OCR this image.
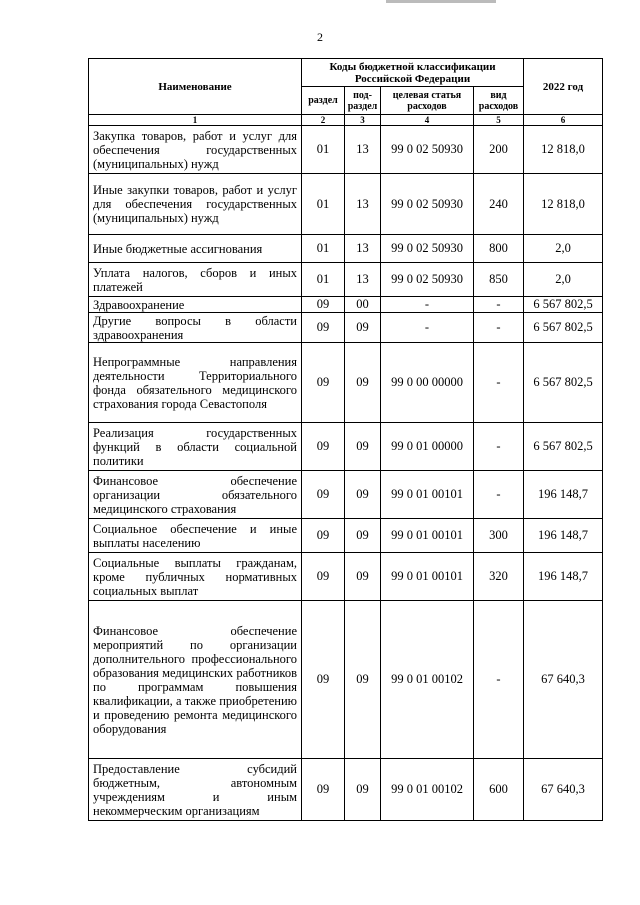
2
Наименование	Коды бюджетной классификации Российской Федерации				2022 год
	раздел	под-раздел	целевая статья расходов	вид расходов	
1	2	3	4	5	6
Закупка товаров, работ и услуг для обеспечения государственных (муниципальных) нужд	01	13	99 0 02 50930	200	12 818,0
Иные закупки товаров, работ и услуг для обеспечения государственных (муниципальных) нужд	01	13	99 0 02 50930	240	12 818,0
Иные бюджетные ассигнования	01	13	99 0 02 50930	800	2,0
Уплата налогов, сборов и иных платежей	01	13	99 0 02 50930	850	2,0
Здравоохранение	09	00	-	-	6 567 802,5
Другие вопросы в области здравоохранения	09	09	-	-	6 567 802,5
Непрограммные направления деятельности Территориального фонда обязательного медицинского страхования города Севастополя	09	09	99 0 00 00000	-	6 567 802,5
Реализация государственных функций в области социальной политики	09	09	99 0 01 00000	-	6 567 802,5
Финансовое обеспечение организации обязательного медицинского страхования	09	09	99 0 01 00101	-	196 148,7
Социальное обеспечение и иные выплаты населению	09	09	99 0 01 00101	300	196 148,7
Социальные выплаты гражданам, кроме публичных нормативных социальных выплат	09	09	99 0 01 00101	320	196 148,7
Финансовое обеспечение мероприятий по организации дополнительного профессионального образования медицинских работников по программам повышения квалификации, а также приобретению и проведению ремонта медицинского оборудования	09	09	99 0 01 00102	-	67 640,3
Предоставление субсидий бюджетным, автономным учреждениям и иным некоммерческим организациям	09	09	99 0 01 00102	600	67 640,3
